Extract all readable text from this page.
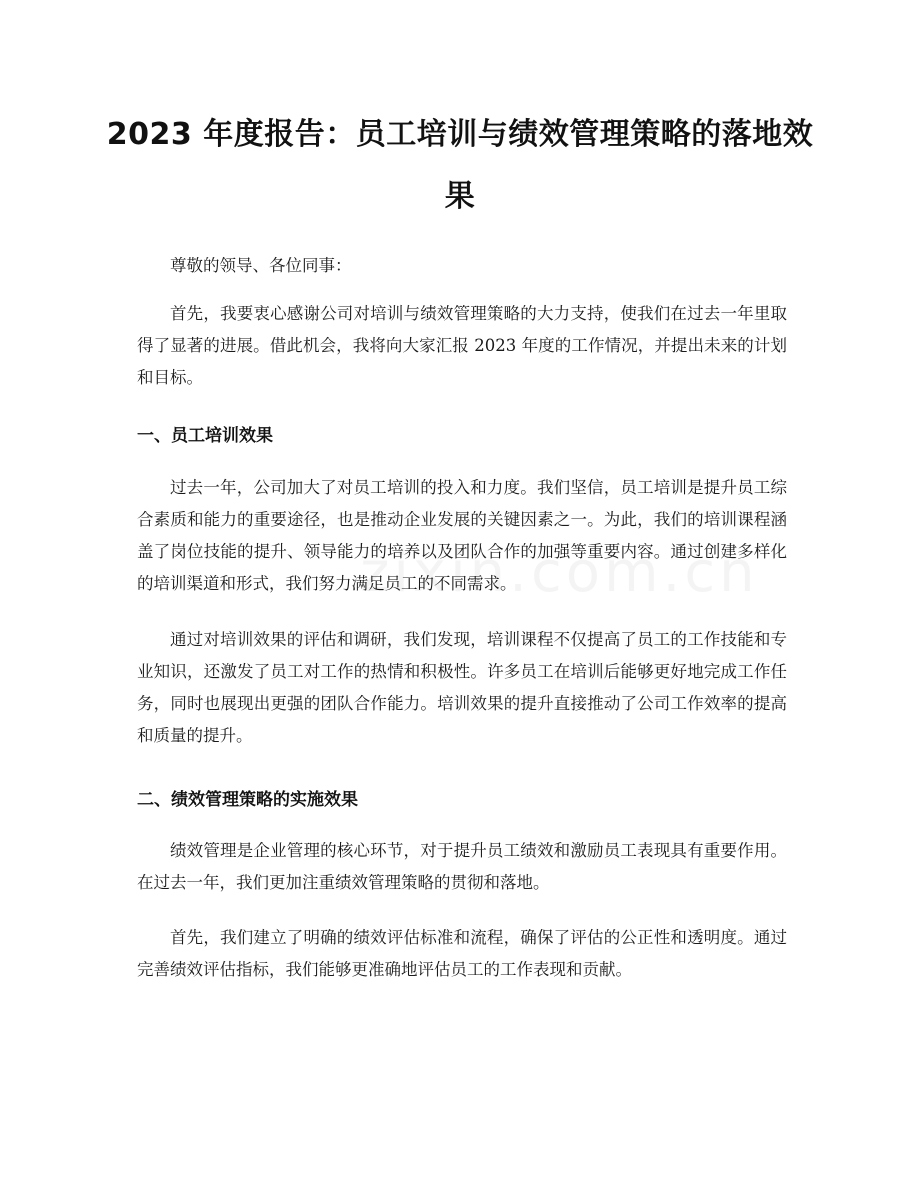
2023 年度报告：员工培训与绩效管理策略的落地效果
尊敬的领导、各位同事：
首先，我要衷心感谢公司对培训与绩效管理策略的大力支持，使我们在过去一年里取得了显著的进展。借此机会，我将向大家汇报 2023 年度的工作情况，并提出未来的计划和目标。
一、员工培训效果
过去一年，公司加大了对员工培训的投入和力度。我们坚信，员工培训是提升员工综合素质和能力的重要途径，也是推动企业发展的关键因素之一。为此，我们的培训课程涵盖了岗位技能的提升、领导能力的培养以及团队合作的加强等重要内容。通过创建多样化的培训渠道和形式，我们努力满足员工的不同需求。
通过对培训效果的评估和调研，我们发现，培训课程不仅提高了员工的工作技能和专业知识，还激发了员工对工作的热情和积极性。许多员工在培训后能够更好地完成工作任务，同时也展现出更强的团队合作能力。培训效果的提升直接推动了公司工作效率的提高和质量的提升。
二、绩效管理策略的实施效果
绩效管理是企业管理的核心环节，对于提升员工绩效和激励员工表现具有重要作用。在过去一年，我们更加注重绩效管理策略的贯彻和落地。
首先，我们建立了明确的绩效评估标准和流程，确保了评估的公正性和透明度。通过完善绩效评估指标，我们能够更准确地评估员工的工作表现和贡献。
